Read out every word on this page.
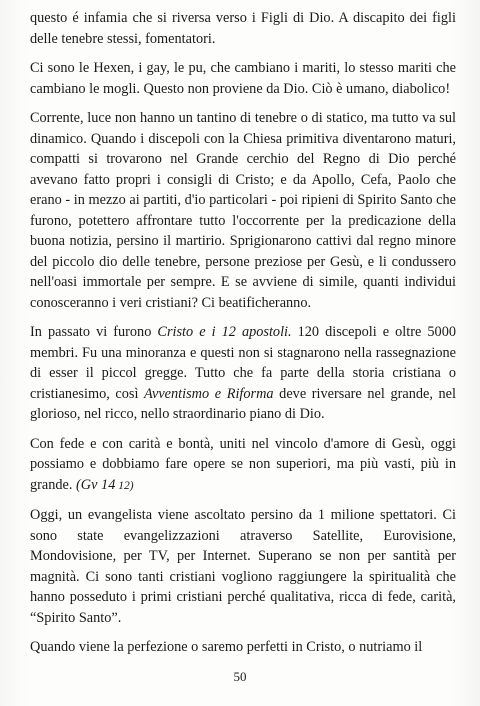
questo é infamia che si riversa verso i Figli di Dio. A discapito dei figli delle tenebre stessi, fomentatori.

Ci sono le Hexen, i gay, le pu, che cambiano i mariti, lo stesso mariti che cambiano le mogli. Questo non proviene da Dio. Ciò è umano, diabolico!

Corrente, luce non hanno un tantino di tenebre o di statico, ma tutto va sul dinamico. Quando i discepoli con la Chiesa primitiva diventarono maturi, compatti si trovarono nel Grande cerchio del Regno di Dio perché avevano fatto propri i consigli di Cristo; e da Apollo, Cefa, Paolo che erano - in mezzo ai partiti, d'io particolari - poi ripieni di Spirito Santo che furono, potettero affrontare tutto l'occorrente per la predicazione della buona notizia, persino il martirio. Sprigionarono cattivi dal regno minore del piccolo dio delle tenebre, persone preziose per Gesù, e li condussero nell'oasi immortale per sempre. E se avviene di simile, quanti individui conosceranno i veri cristiani? Ci beatificheranno.

In passato vi furono Cristo e i 12 apostoli. 120 discepoli e oltre 5000 membri. Fu una minoranza e questi non si stagnarono nella rassegnazione di esser il piccol gregge. Tutto che fa parte della storia cristiana o cristianesimo, così Avventismo e Riforma deve riversare nel grande, nel glorioso, nel ricco, nello straordinario piano di Dio.

Con fede e con carità e bontà, uniti nel vincolo d'amore di Gesù, oggi possiamo e dobbiamo fare opere se non superiori, ma più vasti, più in grande. (Gv 14 12)

Oggi, un evangelista viene ascoltato persino da 1 milione spettatori. Ci sono state evangelizzazioni atraverso Satellite, Eurovisione, Mondovisione, per TV, per Internet. Superano se non per santità per magnità. Ci sono tanti cristiani vogliono raggiungere la spiritualità che hanno posseduto i primi cristiani perché qualitativa, ricca di fede, carità, “Spirito Santo”.

Quando viene la perfezione o saremo perfetti in Cristo, o nutriamo il

50
